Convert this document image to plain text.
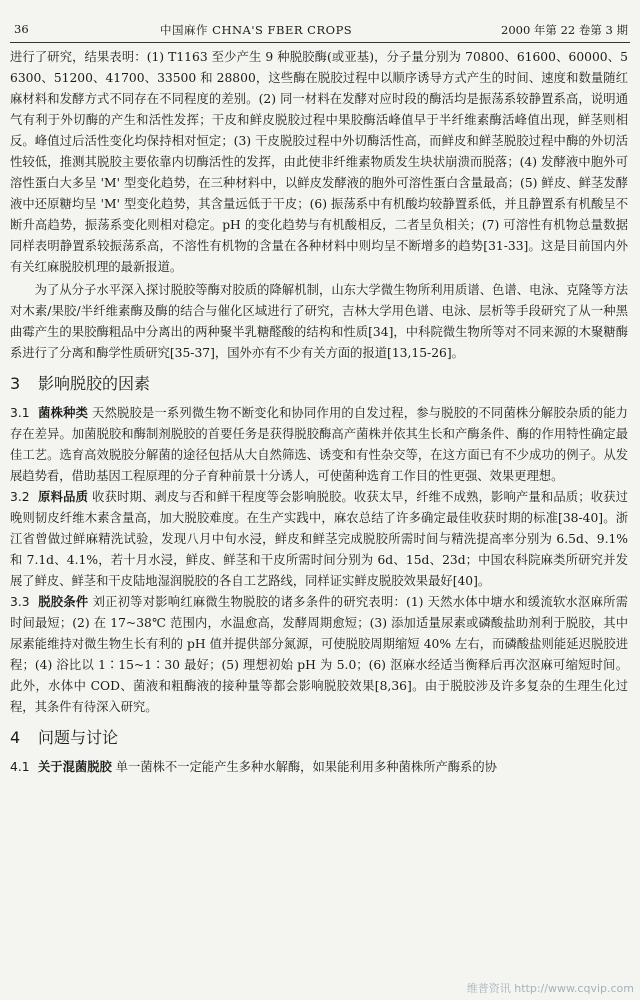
36	中国麻作 CHNA'S FBER CROPS	2000 年第 22 卷第 3 期

进行了研究，结果表明：(1) T1163 至少产生 9 种脱胶酶(或亚基)，分子量分别为 70800、61600、60000、56300、51200、41700、33500 和 28800，这些酶在脱胶过程中以顺序诱导方式产生的时间、速度和数量随红麻材料和发酵方式不同存在不同程度的差别。(2) 同一材料在发酵对应时段的酶活均是振荡系较静置系高，说明通气有利于外切酶的产生和活性发挥；干皮和鲜皮脱胶过程中果胶酶活峰值早于半纤维素酶活峰值出现，鲜茎则相反。峰值过后活性变化均保持相对恒定；(3) 干皮脱胶过程中外切酶活性高，而鲜皮和鲜茎脱胶过程中酶的外切活性较低，推测其脱胶主要依靠内切酶活性的发挥，由此使非纤维素物质发生块状崩溃而脱落；(4) 发酵液中胞外可溶性蛋白大多呈 'M' 型变化趋势，在三种材料中，以鲜皮发酵液的胞外可溶性蛋白含量最高；(5) 鲜皮、鲜茎发酵液中还原糖均呈 'M' 型变化趋势，其含量远低于干皮；(6) 振荡系中有机酸均较静置系低，并且静置系有机酸呈不断升高趋势，振荡系变化则相对稳定。pH 的变化趋势与有机酸相反，二者呈负相关；(7) 可溶性有机物总量数据同样表明静置系较振荡系高，不溶性有机物的含量在各种材料中则均呈不断增多的趋势[31-33]。这是目前国内外有关红麻脱胶机理的最新报道。

为了从分子水平深入探讨脱胶等酶对胶质的降解机制，山东大学微生物所利用质谱、色谱、电泳、克隆等方法对木素/果胶/半纤维素酶及酶的结合与催化区域进行了研究，吉林大学用色谱、电泳、层析等手段研究了从一种黑曲霉产生的果胶酶粗品中分离出的两种聚半乳糖醛酸的结构和性质[34]，中科院微生物所等对不同来源的木聚糖酶系进行了分离和酶学性质研究[35-37]，国外亦有不少有关方面的报道[13,15-26]。

3 影响脱胶的因素

3.1 菌株种类 天然脱胶是一系列微生物不断变化和协同作用的自发过程，参与脱胶的不同菌株分解胶杂质的能力存在差异。加菌脱胶和酶制剂脱胶的首要任务是获得脱胶酶高产菌株并依其生长和产酶条件、酶的作用特性确定最佳工艺。选育高效脱胶分解菌的途径包括从大自然筛选、诱变和有性杂交等，在这方面已有不少成功的例子。从发展趋势看，借助基因工程原理的分子育种前景十分诱人，可使菌种选育工作目的性更强、效果更理想。

3.2 原料品质 收获时期、剥皮与否和鲜干程度等会影响脱胶。收获太早，纤维不成熟，影响产量和品质；收获过晚则韧皮纤维木素含量高，加大脱胶难度。在生产实践中，麻农总结了许多确定最佳收获时期的标准[38-40]。浙江省曾做过鲜麻精洗试验，发现八月中旬水浸，鲜皮和鲜茎完成脱胶所需时间与精洗提高率分别为 6.5d、9.1% 和 7.1d、4.1%，若十月水浸，鲜皮、鲜茎和干皮所需时间分别为 6d、15d、23d；中国农科院麻类所研究并发展了鲜皮、鲜茎和干皮陆地湿润脱胶的各自工艺路线，同样证实鲜皮脱胶效果最好[40]。

3.3 脱胶条件 刘正初等对影响红麻微生物脱胶的诸多条件的研究表明：(1) 天然水体中塘水和缓流软水沤麻所需时间最短；(2) 在 17~38℃ 范围内，水温愈高，发酵周期愈短；(3) 添加适量尿素或磷酸盐助剂利于脱胶，其中尿素能维持对微生物生长有利的 pH 值并提供部分氮源，可使脱胶周期缩短 40% 左右，而磷酸盐则能延迟脱胶进程；(4) 浴比以 1∶15~1∶30 最好；(5) 理想初始 pH 为 5.0；(6) 沤麻水经适当衡释后再次沤麻可缩短时间。此外，水体中 COD、菌液和粗酶液的接种量等都会影响脱胶效果[8,36]。由于脱胶涉及许多复杂的生理生化过程，其条件有待深入研究。

4 问题与讨论

4.1 关于混菌脱胶 单一菌株不一定能产生多种水解酶，如果能利用多种菌株所产酶系的协

维普资讯 http://www.cqvip.com
